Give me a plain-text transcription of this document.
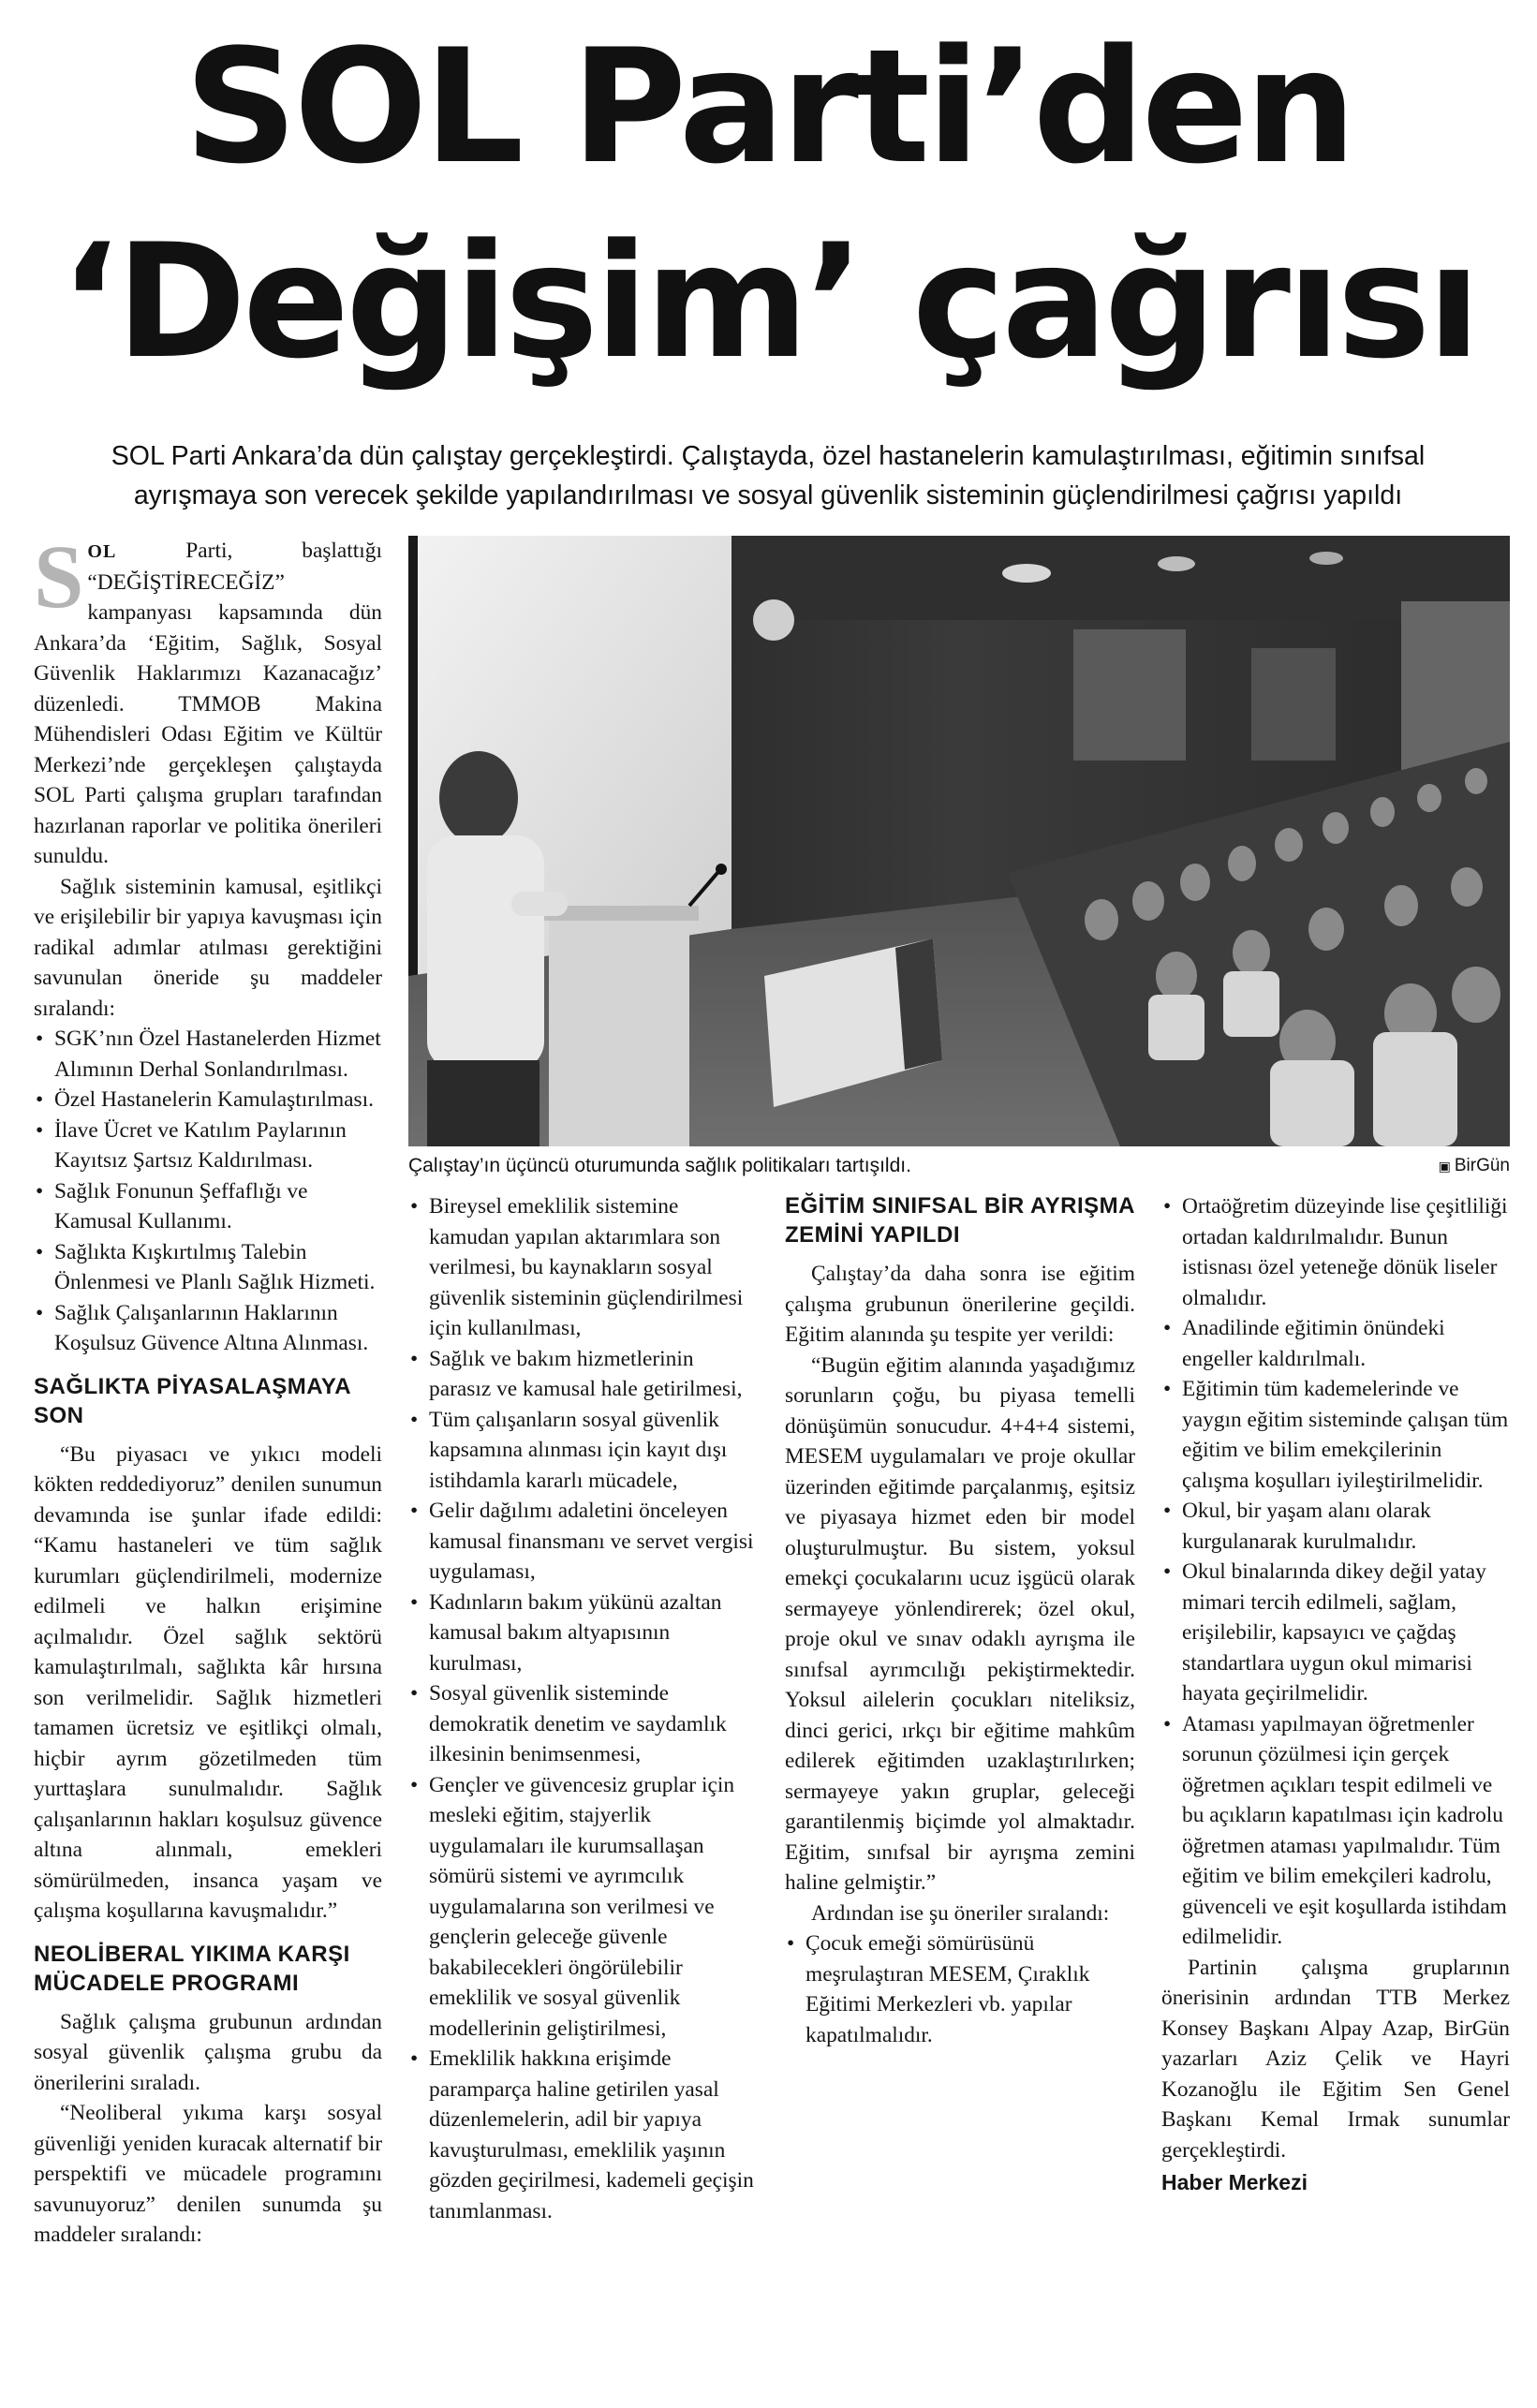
SOL Parti’den
‘Değişim’ çağrısı
SOL Parti Ankara’da dün çalıştay gerçekleştirdi. Çalıştayda, özel hastanelerin kamulaştırılması, eğitimin sınıfsal
ayrışmaya son verecek şekilde yapılandırılması ve sosyal güvenlik sisteminin güçlendirilmesi çağrısı yapıldı

SOL	Parti, başlattığı “DEĞİŞTİRECEĞİZ” kampanyası kapsamında dün Ankara’da ‘Eğitim, Sağlık, Sosyal Güvenlik Haklarımızı Kazanacağız’ düzenledi. TMMOB Makina Mühendisleri Odası Eğitim ve Kültür Merkezi’nde gerçekleşen çalıştayda SOL Parti çalışma grupları tarafından hazırlanan raporlar ve politika önerileri sunuldu.

Sağlık sisteminin kamusal, eşitlikçi ve erişilebilir bir yapıya kavuşması için radikal adımlar atılması gerektiğini savunulan öneride şu maddeler sıralandı:

• SGK’nın Özel Hastanelerden Hizmet Alımının Derhal Sonlandırılması.
• Özel Hastanelerin Kamulaştırılması.
• İlave Ücret ve Katılım Paylarının Kayıtsız Şartsız Kaldırılması.
• Sağlık Fonunun Şeffaflığı ve Kamusal Kullanımı.
• Sağlıkta Kışkırtılmış Talebin Önlenmesi ve Planlı Sağlık Hizmeti.
• Sağlık Çalışanlarının Haklarının Koşulsuz Güvence Altına Alınması.
SAĞLIKTA PİYASALAŞMAYA SON

“Bu piyasacı ve yıkıcı modeli kökten reddediyoruz” denilen sunumun devamında ise şunlar ifade edildi: “Kamu hastaneleri ve tüm sağlık kurumları güçlendirilmeli, modernize edilmeli ve halkın erişimine açılmalıdır. Özel sağlık sektörü kamulaştırılmalı, sağlıkta kâr hırsına son verilmelidir. Sağlık hizmetleri tamamen ücretsiz ve eşitlikçi olmalı, hiçbir ayrım gözetilmeden tüm yurttaşlara sunulmalıdır. Sağlık çalışanlarının hakları koşulsuz güvence altına alınmalı, emekleri sömürülmeden, insanca yaşam ve çalışma koşullarına kavuşmalıdır.”

NEOLİBERAL YIKIMA KARŞI MÜCADELE PROGRAMI

Sağlık çalışma grubunun ardından sosyal güvenlik çalışma grubu da önerilerini sıraladı.

“Neoliberal yıkıma karşı sosyal güvenliği yeniden kuracak alternatif bir perspektifi ve mücadele programını savunuyoruz” denilen sunumda şu maddeler sıralandı:

Çalıştay’ın üçüncü oturumunda sağlık politikaları tartışıldı.	▣ BirGün
• Bireysel emeklilik sistemine kamudan yapılan aktarımlara son verilmesi, bu kaynakların sosyal güvenlik sisteminin güçlendirilmesi için kullanılması,
• Sağlık ve bakım hizmetlerinin parasız ve kamusal hale getirilmesi,
• Tüm çalışanların sosyal güvenlik kapsamına alınması için kayıt dışı istihdamla kararlı mücadele,
• Gelir dağılımı adaletini önceleyen kamusal finansmanı ve servet vergisi uygulaması,
• Kadınların bakım yükünü azaltan kamusal bakım altyapısının kurulması,
• Sosyal güvenlik sisteminde demokratik denetim ve saydamlık ilkesinin benimsenmesi,
• Gençler ve güvencesiz gruplar için mesleki eğitim, stajyerlik uygulamaları ile kurumsallaşan sömürü sistemi ve ayrımcılık uygulamalarına son verilmesi ve gençlerin geleceğe güvenle bakabilecekleri öngörülebilir emeklilik ve sosyal güvenlik modellerinin geliştirilmesi,
• Emeklilik hakkına erişimde paramparça haline getirilen yasal düzenlemelerin, adil bir yapıya kavuşturulması, emeklilik yaşının gözden geçirilmesi, kademeli geçişin tanımlanması.
EĞİTİM SINIFSAL BİR AYRIŞMA ZEMİNİ YAPILDI

Çalıştay’da daha sonra ise eğitim çalışma grubunun önerilerine geçildi. Eğitim alanında şu tespite yer verildi:

“Bugün eğitim alanında yaşadığımız sorunların çoğu, bu piyasa temelli dönüşümün sonucudur. 4+4+4 sistemi, MESEM uygulamaları ve proje okullar üzerinden eğitimde parçalanmış, eşitsiz ve piyasaya hizmet eden bir model oluşturulmuştur. Bu sistem, yoksul emekçi çocukalarını ucuz işgücü olarak sermayeye yönlendirerek; özel okul, proje okul ve sınav odaklı ayrışma ile sınıfsal ayrımcılığı pekiştirmektedir. Yoksul ailelerin çocukları niteliksiz, dinci gerici, ırkçı bir eğitime mahkûm edilerek eğitimden uzaklaştırılırken; sermayeye yakın gruplar, geleceği garantilenmiş biçimde yol almaktadır. Eğitim, sınıfsal bir ayrışma zemini haline gelmiştir.”

Ardından ise şu öneriler sıralandı:

• Çocuk emeği sömürüsünü meşrulaştıran MESEM, Çıraklık Eğitimi Merkezleri vb. yapılar kapatılmalıdır.
• Ortaöğretim düzeyinde lise çeşitliliği ortadan kaldırılmalıdır. Bunun istisnası özel yeteneğe dönük liseler olmalıdır.
• Anadilinde eğitimin önündeki engeller kaldırılmalı.
• Eğitimin tüm kademelerinde ve yaygın eğitim sisteminde çalışan tüm eğitim ve bilim emekçilerinin çalışma koşulları iyileştirilmelidir.
• Okul, bir yaşam alanı olarak kurgulanarak kurulmalıdır.
• Okul binalarında dikey değil yatay mimari tercih edilmeli, sağlam, erişilebilir, kapsayıcı ve çağdaş standartlara uygun okul mimarisi hayata geçirilmelidir.
• Ataması yapılmayan öğretmenler sorunun çözülmesi için gerçek öğretmen açıkları tespit edilmeli ve bu açıkların kapatılması için kadrolu öğretmen ataması yapılmalıdır. Tüm eğitim ve bilim emekçileri kadrolu, güvenceli ve eşit koşullarda istihdam edilmelidir.

Partinin çalışma gruplarının önerisinin ardından TTB Merkez Konsey Başkanı Alpay Azap, BirGün yazarları Aziz Çelik ve Hayri Kozanoğlu ile Eğitim Sen Genel Başkanı Kemal Irmak sunumlar gerçekleştirdi.

Haber Merkezi
